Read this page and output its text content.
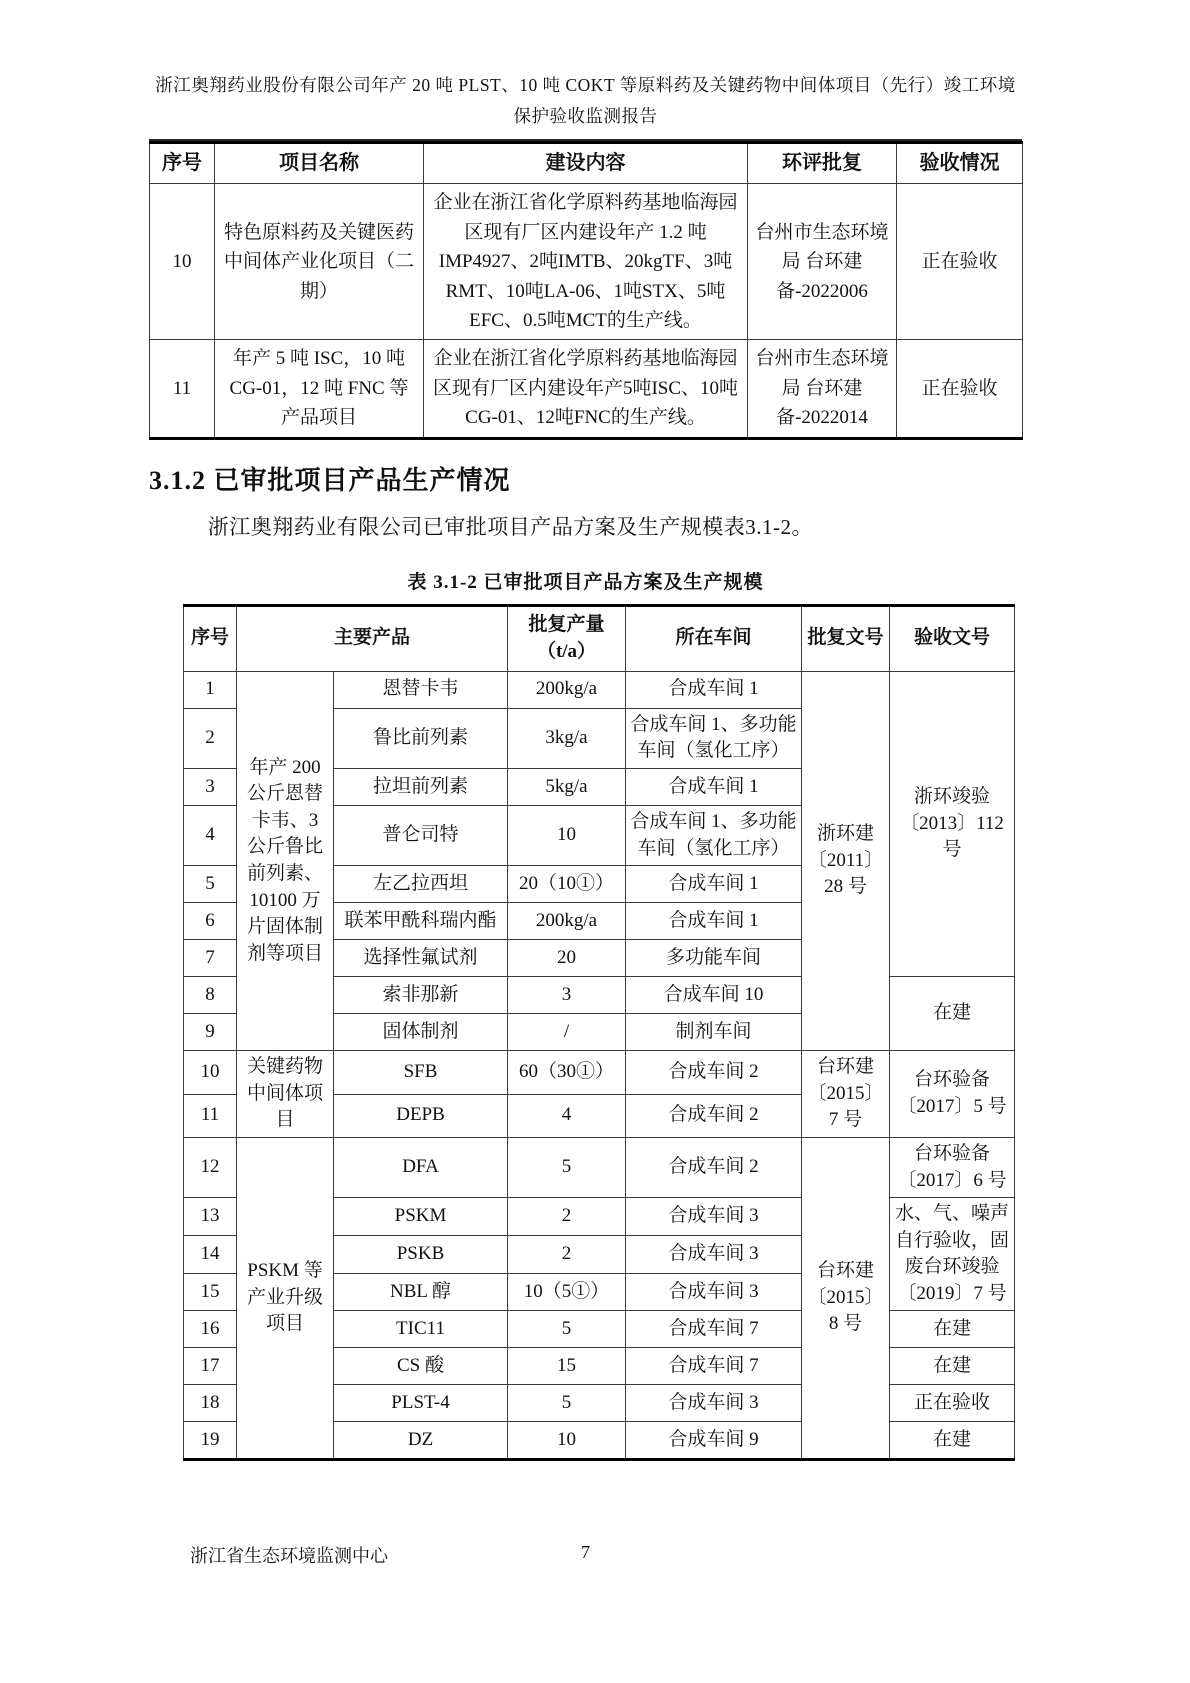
浙江奥翔药业股份有限公司年产 20 吨 PLST、10 吨 COKT 等原料药及关键药物中间体项目（先行）竣工环境保护验收监测报告
序号	项目名称	建设内容	环评批复	验收情况
10	特色原料药及关键医药中间体产业化项目（二期）	企业在浙江省化学原料药基地临海园区现有厂区内建设年产 1.2 吨 IMP4927、2吨IMTB、20kgTF、3吨RMT、10吨LA-06、1吨STX、5吨EFC、0.5吨MCT的生产线。	台州市生态环境局 台环建备-2022006	正在验收
11	年产 5 吨 ISC，10 吨 CG-01，12 吨 FNC 等产品项目	企业在浙江省化学原料药基地临海园区现有厂区内建设年产5吨ISC、10吨CG-01、12吨FNC的生产线。	台州市生态环境局 台环建备-2022014	正在验收
3.1.2 已审批项目产品生产情况

浙江奥翔药业有限公司已审批项目产品方案及生产规模表3.1-2。

表 3.1-2 已审批项目产品方案及生产规模
序号	主要产品		批复产量（t/a）	所在车间	批复文号	验收文号
1	年产 200 公斤恩替卡韦、3 公斤鲁比前列素、10100 万片固体制剂等项目	恩替卡韦	200kg/a	合成车间 1	浙环建〔2011〕28 号	浙环竣验〔2013〕112 号
2		鲁比前列素	3kg/a	合成车间 1、多功能车间（氢化工序）		
3		拉坦前列素	5kg/a	合成车间 1		
4		普仑司特	10	合成车间 1、多功能车间（氢化工序）		
5		左乙拉西坦	20（10①）	合成车间 1		
6		联苯甲酰科瑞内酯	200kg/a	合成车间 1		
7		选择性氟试剂	20	多功能车间		
8		索非那新	3	合成车间 10		在建
9		固体制剂	/	制剂车间		
10	关键药物中间体项目	SFB	60（30①）	合成车间 2	台环建〔2015〕7 号	台环验备〔2017〕5 号
11		DEPB	4	合成车间 2		
12	PSKM 等产业升级项目	DFA	5	合成车间 2	台环建〔2015〕8 号	台环验备〔2017〕6 号
13		PSKM	2	合成车间 3		水、气、噪声自行验收，固废台环竣验〔2019〕7 号
14		PSKB	2	合成车间 3		
15		NBL 醇	10（5①）	合成车间 3		
16		TIC11	5	合成车间 7		在建
17		CS 酸	15	合成车间 7		在建
18		PLST-4	5	合成车间 3		正在验收
19		DZ	10	合成车间 9		在建
7
浙江省生态环境监测中心
